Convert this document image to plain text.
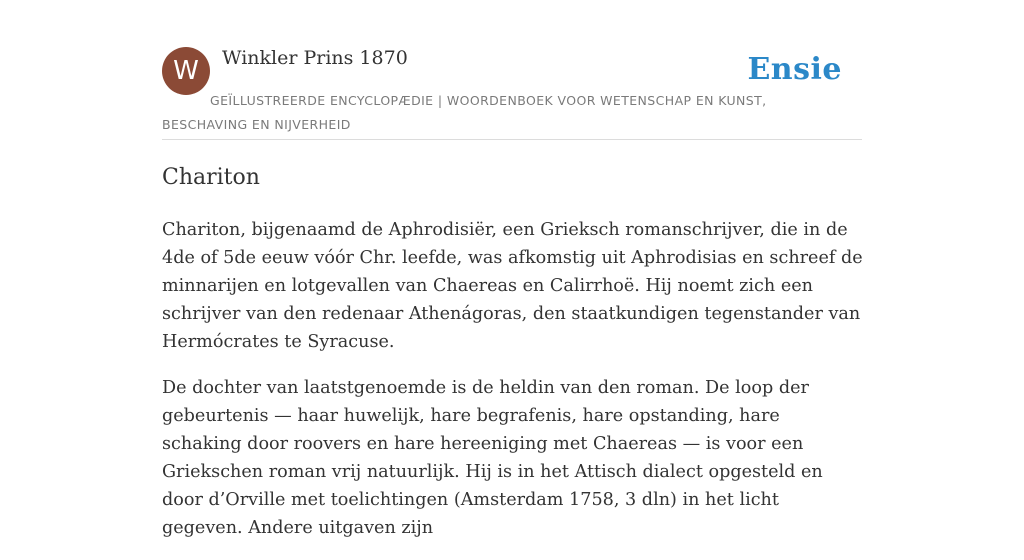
W	Winkler Prins 1870	Ensie
GEÏLLUSTREERDE ENCYCLOPÆDIE | WOORDENBOEK VOOR WETENSCHAP EN KUNST, BESCHAVING EN NIJVERHEID
Chariton

Chariton, bijgenaamd de Aphrodisiër, een Grieksch romanschrijver, die in de 4de of 5de eeuw vóór Chr. leefde, was afkomstig uit Aphrodisias en schreef de minnarijen en lotgevallen van Chaereas en Calirrhoë. Hij noemt zich een schrijver van den redenaar Athenágoras, den staatkundigen tegenstander van Hermócrates te Syracuse.

De dochter van laatstgenoemde is de heldin van den roman. De loop der gebeurtenis — haar huwelijk, hare begrafenis, hare opstanding, hare schaking door roovers en hare hereeniging met Chaereas — is voor een Griekschen roman vrij natuurlijk. Hij is in het Attisch dialect opgesteld en door d’Orville met toelichtingen (Amsterdam 1758, 3 dln) in het licht gegeven. Andere uitgaven zijn
